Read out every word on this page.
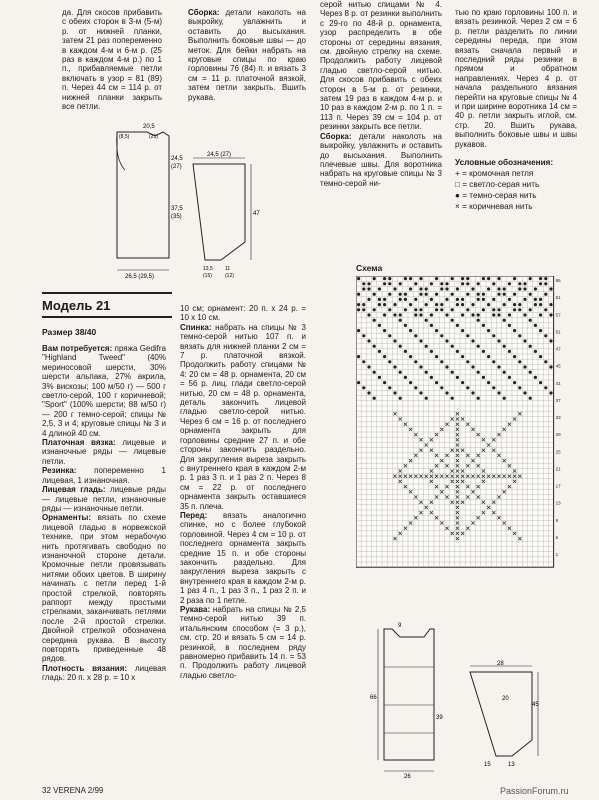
да. Для скосов прибавить с обеих сторон в 3-м (5-м) р. от нижней планки, затем 21 раз попеременно в каждом 4-м и 6-м р. (25 раз в каждом 4-м р.) по 1 п., прибавляемые петли включать в узор = 81 (89) п. Через 44 см = 114 р. от нижней планки закрыть все петли.

Сборка: детали наколоть на выкройку, увлажнить и оставить до высыхания. Выполнить боковые швы — до меток. Для бейки набрать на круговые спицы по краю горловины 76 (84) п. и вязать 3 см = 11 р. платочной вязкой, затем петли закрыть. Вшить рукава.

серой нитью спицами № 4. Через 8 р. от резинки выполнить с 29-го по 48-й р. орнамента, узор распределить в обе стороны от середины вязания, см. двойную стрелку на схеме. Продолжить работу лицевой гладью светло-серой нитью. Для скосов прибавить с обеих сторон в 5-м р. от резинки, затем 19 раз в каждом 4-м р. и 10 раз в каждом 2-м р. по 1 п. = 113 п. Через 39 см = 104 р. от резинки закрыть все петли.

Сборка: детали наколоть на выкройку, увлажнить и оставить до высыхания. Выполнить плечевые швы. Для воротника набрать на круговые спицы № 3 темно-серой ни-

тью по краю горловины 100 п. и вязать резинкой. Через 2 см = 6 р. петли разделить по линии середины переда, при этом вязать сначала первый и последний ряды резинки в прямом и обратном направлениях. Через 4 р. от начала раздельного вязания перейти на круговые спицы № 4 и при ширине воротника 14 см = 40 р. петли закрыть иглой, см. стр. 20. Вшить рукава, выполнить боковые швы и швы рукавов.

Условные обозначения:
+ = кромочная петля
□ = светло-серая нить
● = темно-серая нить
× = коричневая нить
20,5
(8,5)	(21)
24,5
(27)
37,5
(35)
26,5 (29,5)
24,5 (27)
47
13,5
(15)
11
(12)
Модель 21
Размер 38/40

Вам потребуется: пряжа Gedifra "Highland Tweed" (40% мериносовой шерсти, 30% шерсти альпака, 27% акрила, 3% вискозы; 100 м/50 г) — 500 г светло-серой, 100 г коричневой; "Sport" (100% шерсти; 88 м/50 г) — 200 г темно-серой; спицы № 2,5, 3 и 4; круговые спицы № 3 и 4 длиной 40 см.

Платочная вязка: лицевые и изнаночные ряды — лицевые петли.

Резинка: попеременно 1 лицевая, 1 изнаночная.

Лицевая гладь: лицевые ряды — лицевые петли, изнаночные ряды — изнаночные петли.

Орнаменты: вязать по схеме лицевой гладью в норвежской технике, при этом нерабочую нить протягивать свободно по изнаночной стороне детали. Кромочные петли провязывать нитями обоих цветов. В ширину начинать с петли перед 1-й простой стрелкой, повторять раппорт между простыми стрелками, заканчивать петлями после 2-й простой стрелки. Двойной стрелкой обозначена середина рукава. В высоту повторять приведенные 48 рядов.

Плотность вязания: лицевая гладь: 20 п. х 28 р. = 10 х

10 см; орнамент: 20 п. х 24 р. = 10 х 10 см.

Спинка: набрать на спицы № 3 темно-серой нитью 107 п. и вязать для нижней планки 2 см = 7 р. платочной вязкой. Продолжить работу спицами № 4: 20 см = 48 р. орнамента, 20 см = 56 р. лиц. глади светло-серой нитью, 20 см = 48 р. орнамента, деталь закончить лицевой гладью светло-серой нитью. Через 6 см = 16 р. от последнего орнамента закрыть для горловины средние 27 п. и обе стороны закончить раздельно. Для закругления выреза закрыть с внутреннего края в каждом 2-м р. 1 раз 3 п. и 1 раз 2 п. Через 8 см = 22 р. от последнего орнамента закрыть оставшиеся 35 п. плеча.

Перед: вязать аналогично спинке, но с более глубокой горловиной. Через 4 см = 10 р. от последнего орнамента закрыть средние 15 п. и обе стороны закончить раздельно. Для закругления выреза закрыть с внутреннего края в каждом 2-м р. 1 раз 4 п., 1 раз 3 п., 1 раз 2 п. и 2 раза по 1 петле.

Рукава: набрать на спицы № 2,5 темно-серой нитью 39 п. итальянским способом (= 3 р.), см. стр. 20 и вязать 5 см = 14 р. резинкой, в последнем ряду равномерно прибавить 14 п. = 53 п. Продолжить работу лицевой гладью светло-

Схема
65
61
57
51
47
45
41
37
33
29
25
21
17
13
9
5
1
9
66
39
26
28
45
20
15	13
32 VERENA 2/99	PassionForum.ru
